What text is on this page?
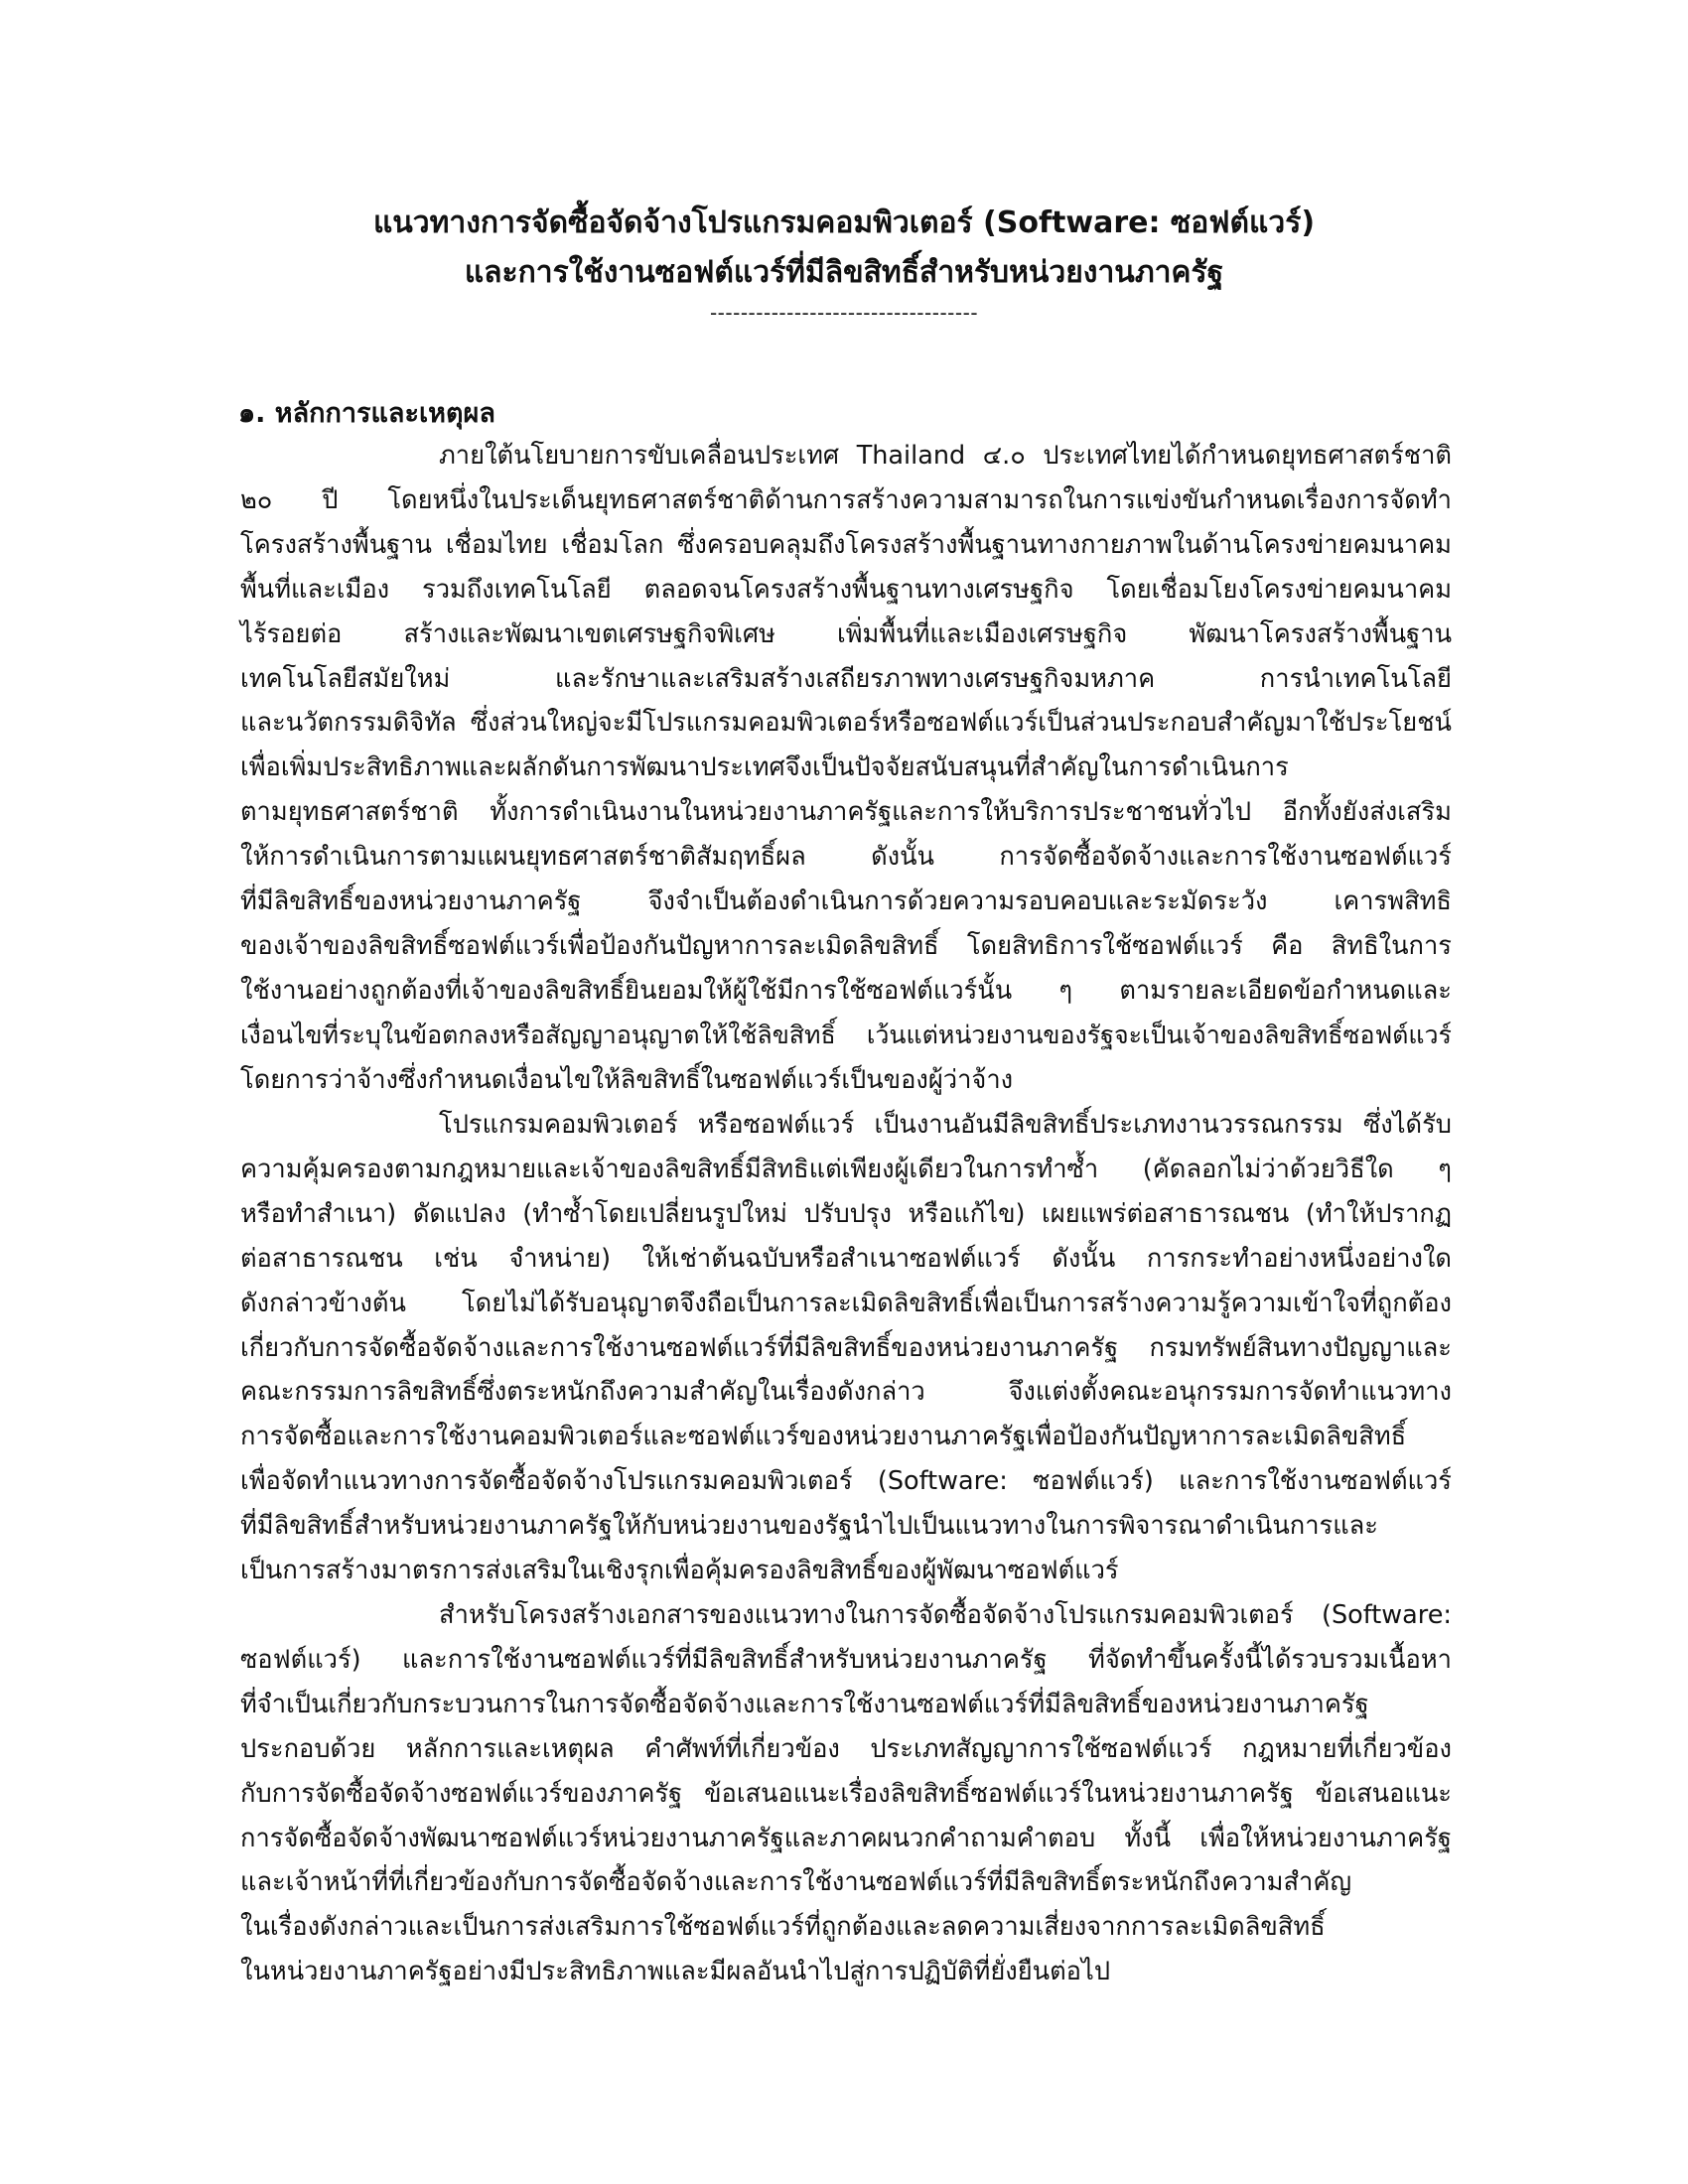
แนวทางการจัดซื้อจัดจ้างโปรแกรมคอมพิวเตอร์ (Software: ซอฟต์แวร์)
และการใช้งานซอฟต์แวร์ที่มีลิขสิทธิ์สำหรับหน่วยงานภาครัฐ
-----------------------------------
๑. หลักการและเหตุผล
ภายใต้นโยบายการขับเคลื่อนประเทศ Thailand ๔.๐ ประเทศไทยได้กำหนดยุทธศาสตร์ชาติ
๒๐ ปี โดยหนึ่งในประเด็นยุทธศาสตร์ชาติด้านการสร้างความสามารถในการแข่งขันกำหนดเรื่องการจัดทำ
โครงสร้างพื้นฐาน เชื่อมไทย เชื่อมโลก ซึ่งครอบคลุมถึงโครงสร้างพื้นฐานทางกายภาพในด้านโครงข่ายคมนาคม
พื้นที่และเมือง รวมถึงเทคโนโลยี ตลอดจนโครงสร้างพื้นฐานทางเศรษฐกิจ โดยเชื่อมโยงโครงข่ายคมนาคม
ไร้รอยต่อ สร้างและพัฒนาเขตเศรษฐกิจพิเศษ เพิ่มพื้นที่และเมืองเศรษฐกิจ พัฒนาโครงสร้างพื้นฐาน
เทคโนโลยีสมัยใหม่ และรักษาและเสริมสร้างเสถียรภาพทางเศรษฐกิจมหภาค การนำเทคโนโลยี
และนวัตกรรมดิจิทัล ซึ่งส่วนใหญ่จะมีโปรแกรมคอมพิวเตอร์หรือซอฟต์แวร์เป็นส่วนประกอบสำคัญมาใช้ประโยชน์
เพื่อเพิ่มประสิทธิภาพและผลักดันการพัฒนาประเทศจึงเป็นปัจจัยสนับสนุนที่สำคัญในการดำเนินการ
ตามยุทธศาสตร์ชาติ ทั้งการดำเนินงานในหน่วยงานภาครัฐและการให้บริการประชาชนทั่วไป อีกทั้งยังส่งเสริม
ให้การดำเนินการตามแผนยุทธศาสตร์ชาติสัมฤทธิ์ผล ดังนั้น การจัดซื้อจัดจ้างและการใช้งานซอฟต์แวร์
ที่มีลิขสิทธิ์ของหน่วยงานภาครัฐ จึงจำเป็นต้องดำเนินการด้วยความรอบคอบและระมัดระวัง เคารพสิทธิ
ของเจ้าของลิขสิทธิ์ซอฟต์แวร์เพื่อป้องกันปัญหาการละเมิดลิขสิทธิ์ โดยสิทธิการใช้ซอฟต์แวร์ คือ สิทธิในการ
ใช้งานอย่างถูกต้องที่เจ้าของลิขสิทธิ์ยินยอมให้ผู้ใช้มีการใช้ซอฟต์แวร์นั้น ๆ ตามรายละเอียดข้อกำหนดและ
เงื่อนไขที่ระบุในข้อตกลงหรือสัญญาอนุญาตให้ใช้ลิขสิทธิ์ เว้นแต่หน่วยงานของรัฐจะเป็นเจ้าของลิขสิทธิ์ซอฟต์แวร์
โดยการว่าจ้างซึ่งกำหนดเงื่อนไขให้ลิขสิทธิ์ในซอฟต์แวร์เป็นของผู้ว่าจ้าง
โปรแกรมคอมพิวเตอร์ หรือซอฟต์แวร์ เป็นงานอันมีลิขสิทธิ์ประเภทงานวรรณกรรม ซึ่งได้รับ
ความคุ้มครองตามกฎหมายและเจ้าของลิขสิทธิ์มีสิทธิแต่เพียงผู้เดียวในการทำซ้ำ (คัดลอกไม่ว่าด้วยวิธีใด ๆ
หรือทำสำเนา) ดัดแปลง (ทำซ้ำโดยเปลี่ยนรูปใหม่ ปรับปรุง หรือแก้ไข) เผยแพร่ต่อสาธารณชน (ทำให้ปรากฏ
ต่อสาธารณชน เช่น จำหน่าย) ให้เช่าต้นฉบับหรือสำเนาซอฟต์แวร์ ดังนั้น การกระทำอย่างหนึ่งอย่างใด
ดังกล่าวข้างต้น โดยไม่ได้รับอนุญาตจึงถือเป็นการละเมิดลิขสิทธิ์เพื่อเป็นการสร้างความรู้ความเข้าใจที่ถูกต้อง
เกี่ยวกับการจัดซื้อจัดจ้างและการใช้งานซอฟต์แวร์ที่มีลิขสิทธิ์ของหน่วยงานภาครัฐ กรมทรัพย์สินทางปัญญาและ
คณะกรรมการลิขสิทธิ์ซึ่งตระหนักถึงความสำคัญในเรื่องดังกล่าว จึงแต่งตั้งคณะอนุกรรมการจัดทำแนวทาง
การจัดซื้อและการใช้งานคอมพิวเตอร์และซอฟต์แวร์ของหน่วยงานภาครัฐเพื่อป้องกันปัญหาการละเมิดลิขสิทธิ์
เพื่อจัดทำแนวทางการจัดซื้อจัดจ้างโปรแกรมคอมพิวเตอร์ (Software: ซอฟต์แวร์) และการใช้งานซอฟต์แวร์
ที่มีลิขสิทธิ์สำหรับหน่วยงานภาครัฐให้กับหน่วยงานของรัฐนำไปเป็นแนวทางในการพิจารณาดำเนินการและ
เป็นการสร้างมาตรการส่งเสริมในเชิงรุกเพื่อคุ้มครองลิขสิทธิ์ของผู้พัฒนาซอฟต์แวร์
สำหรับโครงสร้างเอกสารของแนวทางในการจัดซื้อจัดจ้างโปรแกรมคอมพิวเตอร์ (Software:
ซอฟต์แวร์) และการใช้งานซอฟต์แวร์ที่มีลิขสิทธิ์สำหรับหน่วยงานภาครัฐ ที่จัดทำขึ้นครั้งนี้ได้รวบรวมเนื้อหา
ที่จำเป็นเกี่ยวกับกระบวนการในการจัดซื้อจัดจ้างและการใช้งานซอฟต์แวร์ที่มีลิขสิทธิ์ของหน่วยงานภาครัฐ
ประกอบด้วย หลักการและเหตุผล คำศัพท์ที่เกี่ยวข้อง ประเภทสัญญาการใช้ซอฟต์แวร์ กฎหมายที่เกี่ยวข้อง
กับการจัดซื้อจัดจ้างซอฟต์แวร์ของภาครัฐ ข้อเสนอแนะเรื่องลิขสิทธิ์ซอฟต์แวร์ในหน่วยงานภาครัฐ ข้อเสนอแนะ
การจัดซื้อจัดจ้างพัฒนาซอฟต์แวร์หน่วยงานภาครัฐและภาคผนวกคำถามคำตอบ ทั้งนี้ เพื่อให้หน่วยงานภาครัฐ
และเจ้าหน้าที่ที่เกี่ยวข้องกับการจัดซื้อจัดจ้างและการใช้งานซอฟต์แวร์ที่มีลิขสิทธิ์ตระหนักถึงความสำคัญ
ในเรื่องดังกล่าวและเป็นการส่งเสริมการใช้ซอฟต์แวร์ที่ถูกต้องและลดความเสี่ยงจากการละเมิดลิขสิทธิ์
ในหน่วยงานภาครัฐอย่างมีประสิทธิภาพและมีผลอันนำไปสู่การปฏิบัติที่ยั่งยืนต่อไป
